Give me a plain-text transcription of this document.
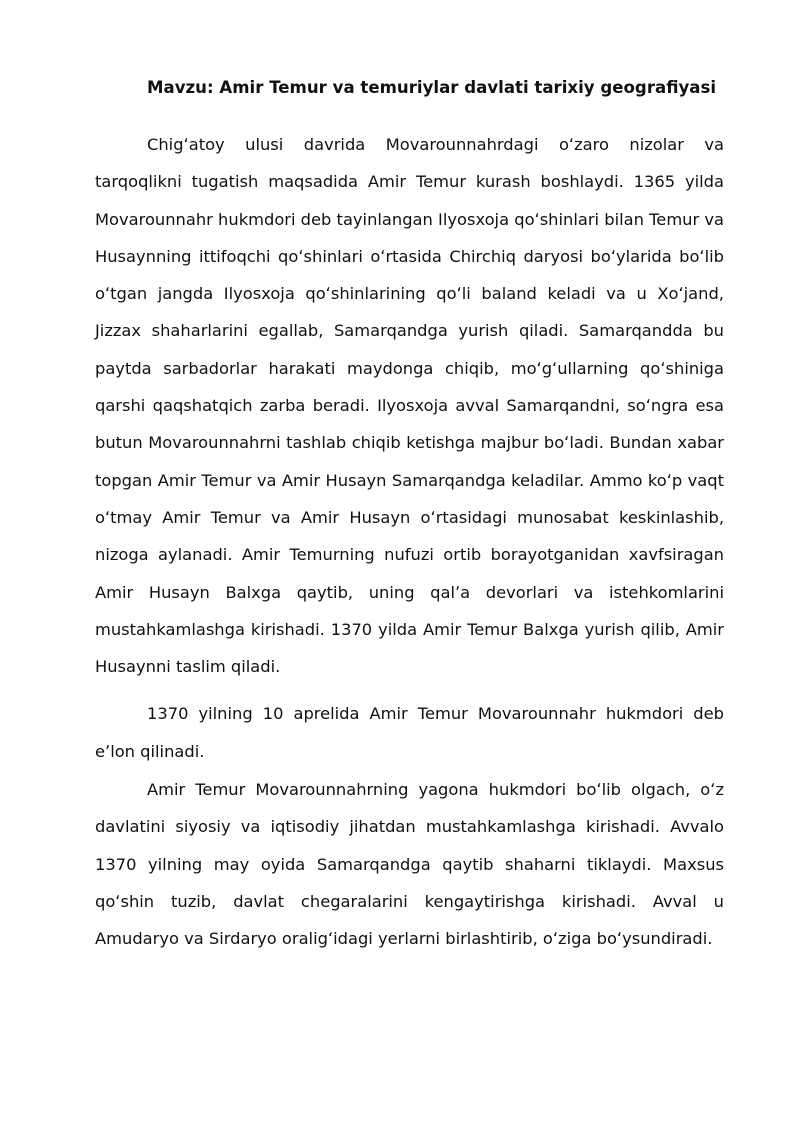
Mavzu: Amir Temur va temuriylar davlati tarixiy geografiyasi

Chigʻatoy ulusi davrida Movarounnahrdagi oʻzaro nizolar va tarqoqlikni tugatish maqsadida Amir Temur kurash boshlaydi. 1365 yilda Movarounnahr hukmdori deb tayinlangan Ilyosxoja qoʻshinlari bilan Temur va Husaynning ittifoqchi qoʻshinlari oʻrtasida Chirchiq daryosi boʻylarida boʻlib oʻtgan jangda Ilyosxoja qoʻshinlarining qoʻli baland keladi va u Xoʻjand, Jizzax shaharlarini egallab, Samarqandga yurish qiladi. Samarqandda bu paytda sarbadorlar harakati maydonga chiqib, moʻgʻullarning qoʻshiniga qarshi qaqshatqich zarba beradi. Ilyosxoja avval Samarqandni, soʻngra esa butun Movarounnahrni tashlab chiqib ketishga majbur boʻladi. Bundan xabar topgan Amir Temur va Amir Husayn Samarqandga keladilar. Ammo koʻp vaqt oʻtmay Amir Temur va Amir Husayn oʻrtasidagi munosabat keskinlashib, nizoga aylanadi. Amir Temurning nufuzi ortib borayotganidan xavfsiragan Amir Husayn Balxga qaytib, uning qalʼa devorlari va istehkomlarini mustahkamlashga kirishadi. 1370 yilda Amir Temur Balxga yurish qilib, Amir Husaynni taslim qiladi.

1370 yilning 10 aprelida Amir Temur Movarounnahr hukmdori deb eʼlon qilinadi.

Amir Temur Movarounnahrning yagona hukmdori boʻlib olgach, oʻz davlatini siyosiy va iqtisodiy jihatdan mustahkamlashga kirishadi. Avvalo 1370 yilning may oyida Samarqandga qaytib shaharni tiklaydi. Maxsus qoʻshin tuzib, davlat chegaralarini kengaytirishga kirishadi. Avval u Amudaryo va Sirdaryo oraligʻidagi yerlarni birlashtirib, oʻziga boʻysundiradi.
